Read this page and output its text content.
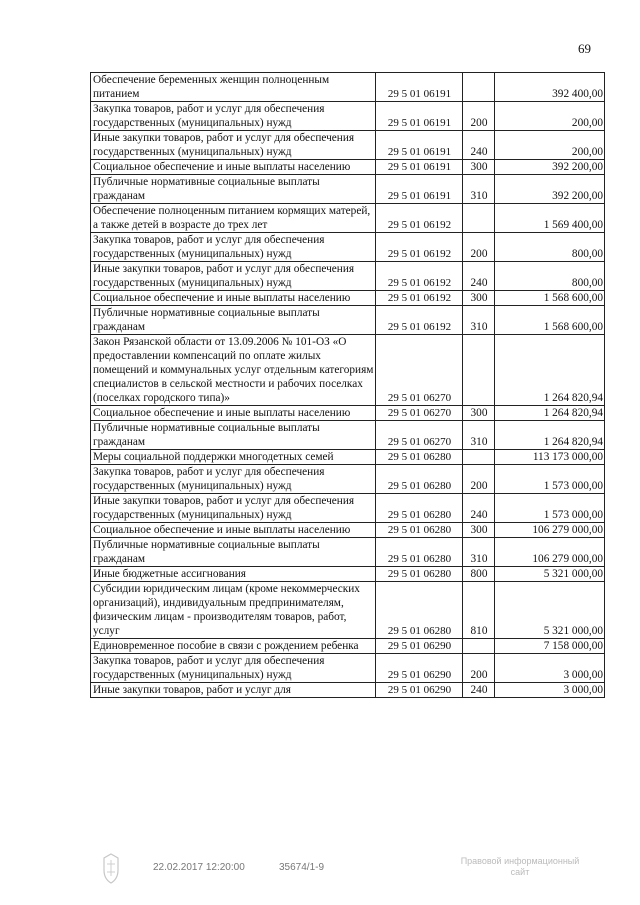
69
Обеспечение беременных женщин полноценным питанием	29 5 01 06191		392 400,00
Закупка товаров, работ и услуг для обеспечения государственных (муниципальных) нужд	29 5 01 06191	200	200,00
Иные закупки товаров, работ и услуг для обеспечения государственных (муниципальных) нужд	29 5 01 06191	240	200,00
Социальное обеспечение и иные выплаты населению	29 5 01 06191	300	392 200,00
Публичные нормативные социальные выплаты гражданам	29 5 01 06191	310	392 200,00
Обеспечение полноценным питанием кормящих матерей, а также детей в возрасте до трех лет	29 5 01 06192		1 569 400,00
Закупка товаров, работ и услуг для обеспечения государственных (муниципальных) нужд	29 5 01 06192	200	800,00
Иные закупки товаров, работ и услуг для обеспечения государственных (муниципальных) нужд	29 5 01 06192	240	800,00
Социальное обеспечение и иные выплаты населению	29 5 01 06192	300	1 568 600,00
Публичные нормативные социальные выплаты гражданам	29 5 01 06192	310	1 568 600,00
Закон Рязанской области от 13.09.2006 № 101-ОЗ «О предоставлении компенсаций по оплате жилых помещений и коммунальных услуг отдельным категориям специалистов в сельской местности и рабочих поселках (поселках городского типа)»	29 5 01 06270		1 264 820,94
Социальное обеспечение и иные выплаты населению	29 5 01 06270	300	1 264 820,94
Публичные нормативные социальные выплаты гражданам	29 5 01 06270	310	1 264 820,94
Меры социальной поддержки многодетных семей	29 5 01 06280		113 173 000,00
Закупка товаров, работ и услуг для обеспечения государственных (муниципальных) нужд	29 5 01 06280	200	1 573 000,00
Иные закупки товаров, работ и услуг для обеспечения государственных (муниципальных) нужд	29 5 01 06280	240	1 573 000,00
Социальное обеспечение и иные выплаты населению	29 5 01 06280	300	106 279 000,00
Публичные нормативные социальные выплаты гражданам	29 5 01 06280	310	106 279 000,00
Иные бюджетные ассигнования	29 5 01 06280	800	5 321 000,00
Субсидии юридическим лицам (кроме некоммерческих организаций), индивидуальным предпринимателям, физическим лицам - производителям товаров, работ, услуг	29 5 01 06280	810	5 321 000,00
Единовременное пособие в связи с рождением ребенка	29 5 01 06290		7 158 000,00
Закупка товаров, работ и услуг для обеспечения государственных (муниципальных) нужд	29 5 01 06290	200	3 000,00
Иные закупки товаров, работ и услуг для	29 5 01 06290	240	3 000,00
22.02.2017 12:20:00	35674/1-9
Правовой информационный
сайт
